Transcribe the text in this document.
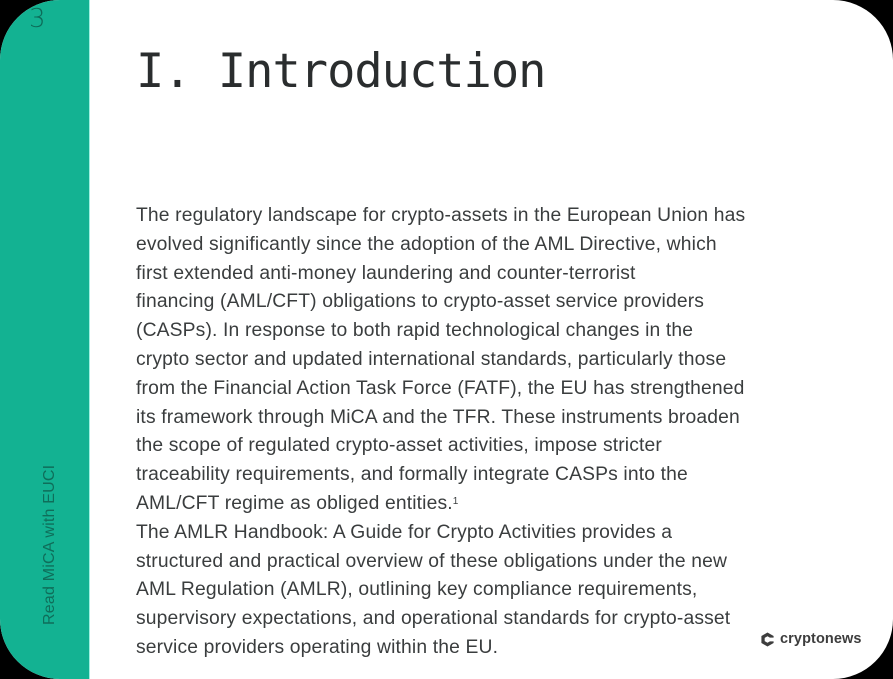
3
Read MiCA with EUCI
I. Introduction

The regulatory landscape for crypto-assets in the European Union has
evolved significantly since the adoption of the AML Directive, which
first extended anti-money laundering and counter-terrorist
financing (AML/CFT) obligations to crypto-asset service providers
(CASPs). In response to both rapid technological changes in the
crypto sector and updated international standards, particularly those
from the Financial Action Task Force (FATF), the EU has strengthened
its framework through MiCA and the TFR. These instruments broaden
the scope of regulated crypto-asset activities, impose stricter
traceability requirements, and formally integrate CASPs into the
AML/CFT regime as obliged entities.$^1$

The AMLR Handbook: A Guide for Crypto Activities provides a
structured and practical overview of these obligations under the new
AML Regulation (AMLR), outlining key compliance requirements,
supervisory expectations, and operational standards for crypto-asset
service providers operating within the EU.	cryptonews
